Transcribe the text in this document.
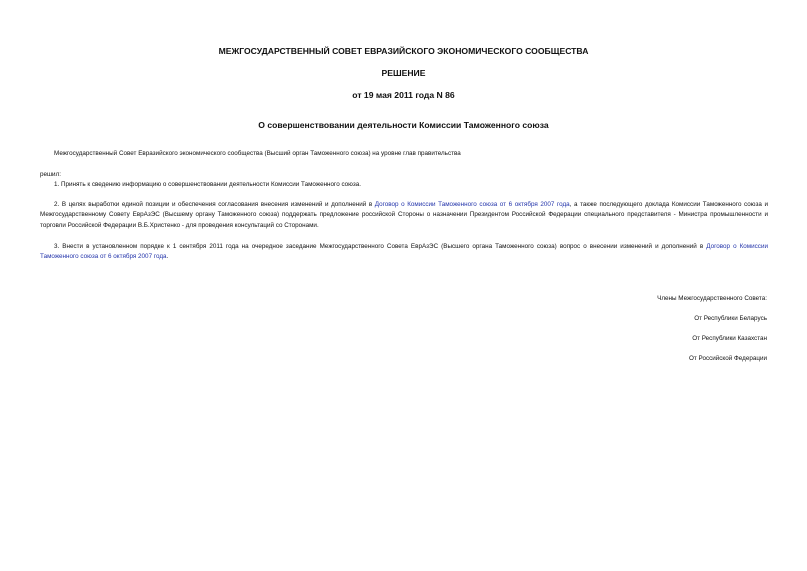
МЕЖГОСУДАРСТВЕННЫЙ СОВЕТ ЕВРАЗИЙСКОГО ЭКОНОМИЧЕСКОГО СООБЩЕСТВА
РЕШЕНИЕ
от 19 мая 2011 года N 86
О совершенствовании деятельности Комиссии Таможенного союза
Межгосударственный Совет Евразийского экономического сообщества (Высший орган Таможенного союза) на уровне глав правительства
решил:
1. Принять к сведению информацию о совершенствовании деятельности Комиссии Таможенного союза.
2. В целях выработки единой позиции и обеспечения согласования внесения изменений и дополнений в Договор о Комиссии Таможенного союза от 6 октября 2007 года, а также последующего доклада Комиссии Таможенного союза и Межгосударственному Совету ЕврАзЭС (Высшему органу Таможенного союза) поддержать предложение российской Стороны о назначении Президентом Российской Федерации специального представителя - Министра промышленности и торговли Российской Федерации В.Б.Христенко - для проведения консультаций со Сторонами.
3. Внести в установленном порядке к 1 сентября 2011 года на очередное заседание Межгосударственного Совета ЕврАзЭС (Высшего органа Таможенного союза) вопрос о внесении изменений и дополнений в Договор о Комиссии Таможенного союза от 6 октября 2007 года.
Члены Межгосударственного Совета:
От Республики Беларусь
От Республики Казахстан
От Российской Федерации
